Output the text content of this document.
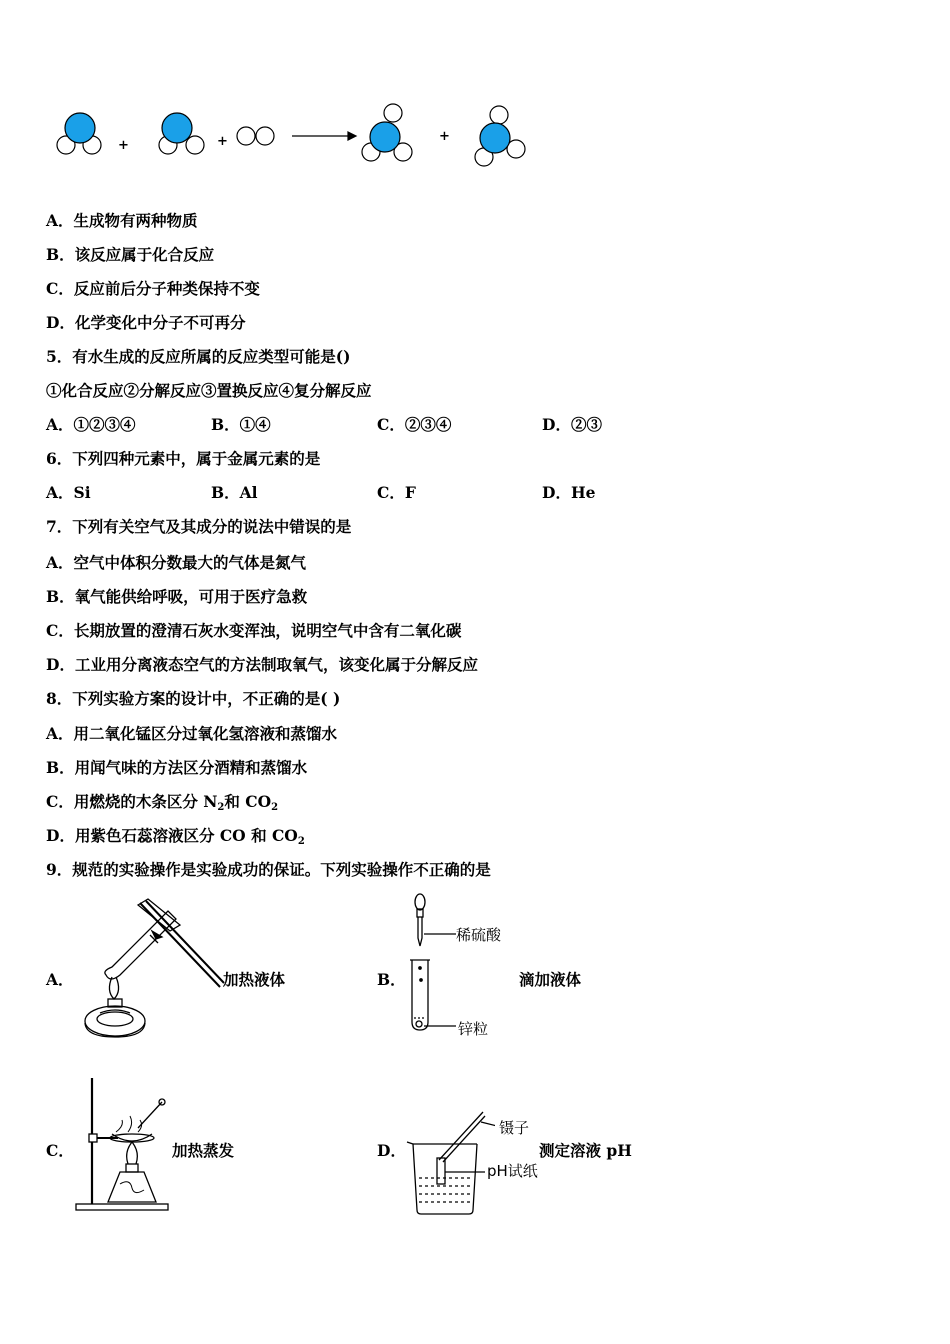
+	+	+
A．生成物有两种物质
B．该反应属于化合反应
C．反应前后分子种类保持不变
D．化学变化中分子不可再分
5．有水生成的反应所属的反应类型可能是()
①化合反应②分解反应③置换反应④复分解反应
A．①②③④	B．①④	C．②③④	D．②③
6．下列四种元素中，属于金属元素的是
A．Si	B．Al	C．F	D．He
7．下列有关空气及其成分的说法中错误的是
A．空气中体积分数最大的气体是氮气
B．氧气能供给呼吸，可用于医疗急救
C．长期放置的澄清石灰水变浑浊，说明空气中含有二氧化碳
D．工业用分离液态空气的方法制取氧气，该变化属于分解反应
8．下列实验方案的设计中，不正确的是( )
A．用二氧化锰区分过氧化氢溶液和蒸馏水
B．用闻气味的方法区分酒精和蒸馏水
C．用燃烧的木条区分 $N_2$和 $CO_2$
D．用紫色石蕊溶液区分 CO 和 $CO_2$
9．规范的实验操作是实验成功的保证。下列实验操作不正确的是
A．	加热液体
稀硫酸
锌粒
B．	滴加液体
C．	加热蒸发
镊子
pH试纸
D．	测定溶液 pH
